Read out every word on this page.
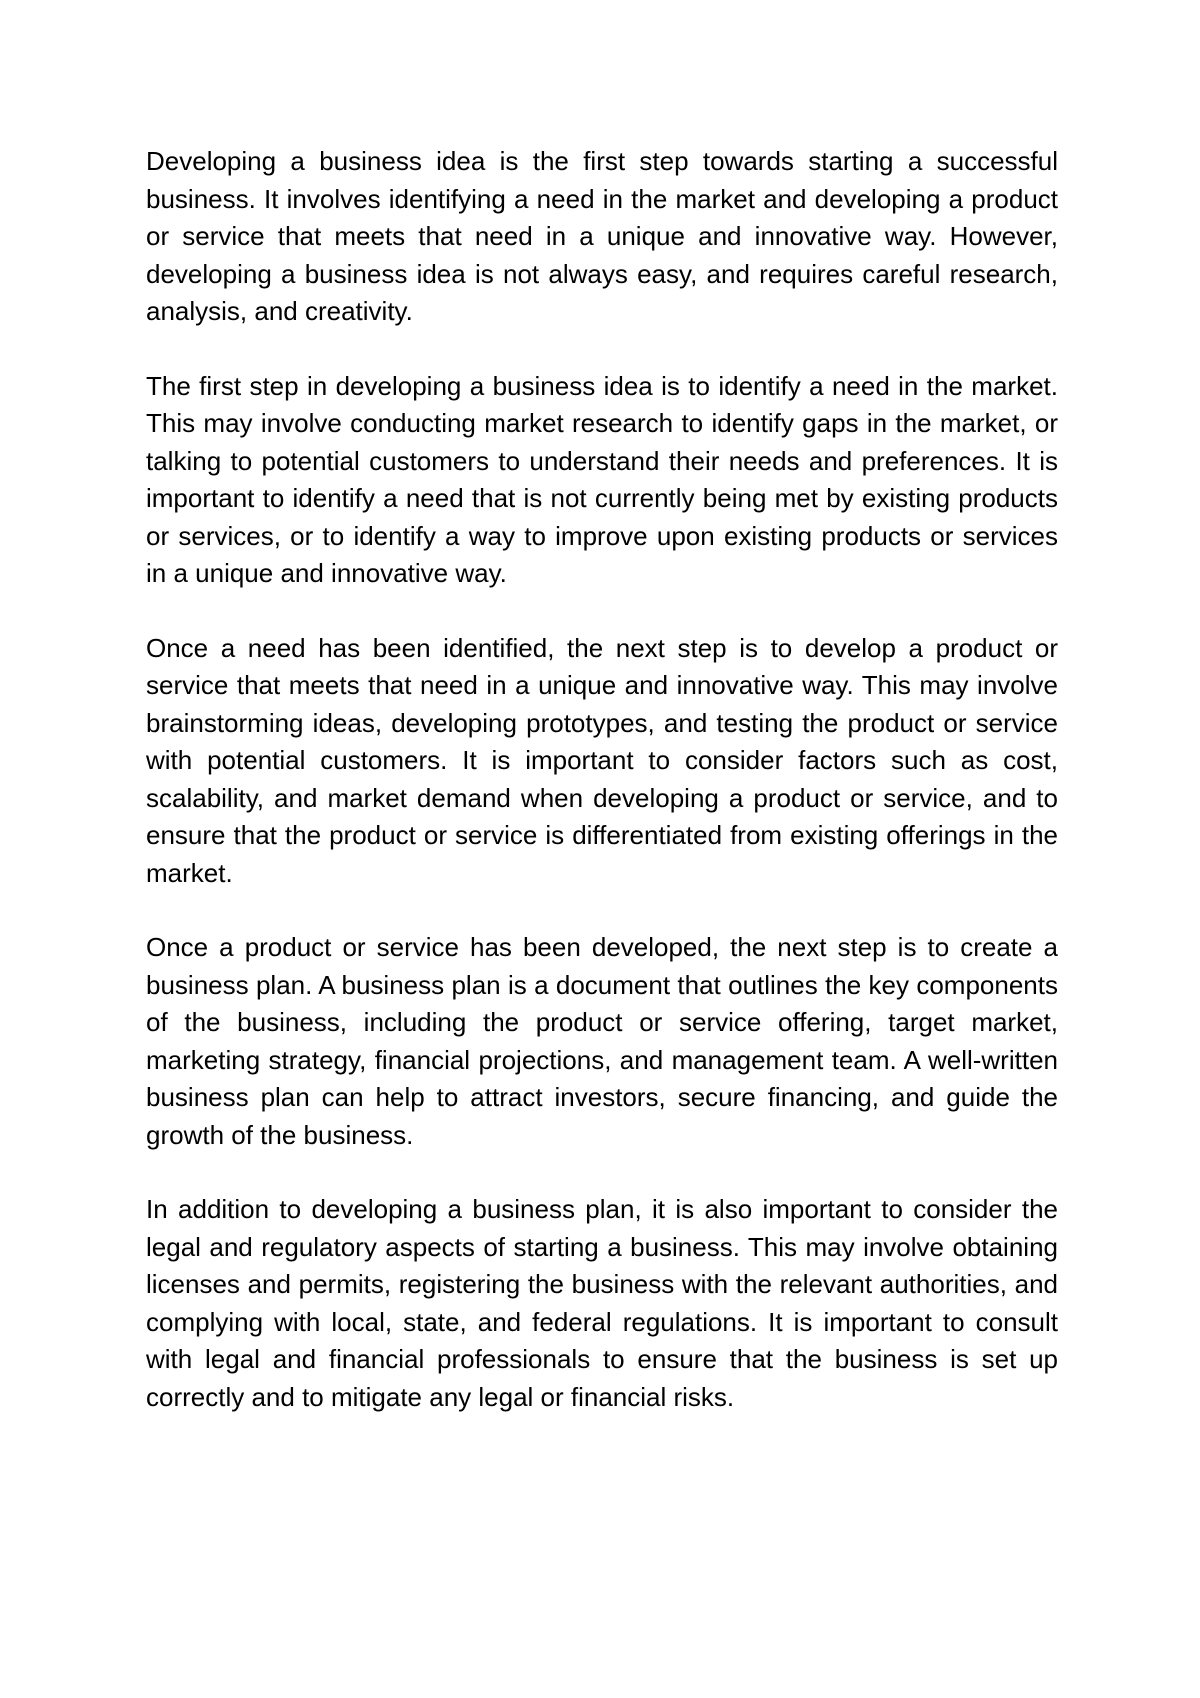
Developing a business idea is the first step towards starting a successful business. It involves identifying a need in the market and developing a product or service that meets that need in a unique and innovative way. However, developing a business idea is not always easy, and requires careful research, analysis, and creativity.

The first step in developing a business idea is to identify a need in the market. This may involve conducting market research to identify gaps in the market, or talking to potential customers to understand their needs and preferences. It is important to identify a need that is not currently being met by existing products or services, or to identify a way to improve upon existing products or services in a unique and innovative way.

Once a need has been identified, the next step is to develop a product or service that meets that need in a unique and innovative way. This may involve brainstorming ideas, developing prototypes, and testing the product or service with potential customers. It is important to consider factors such as cost, scalability, and market demand when developing a product or service, and to ensure that the product or service is differentiated from existing offerings in the market.

Once a product or service has been developed, the next step is to create a business plan. A business plan is a document that outlines the key components of the business, including the product or service offering, target market, marketing strategy, financial projections, and management team. A well-written business plan can help to attract investors, secure financing, and guide the growth of the business.

In addition to developing a business plan, it is also important to consider the legal and regulatory aspects of starting a business. This may involve obtaining licenses and permits, registering the business with the relevant authorities, and complying with local, state, and federal regulations. It is important to consult with legal and financial professionals to ensure that the business is set up correctly and to mitigate any legal or financial risks.
